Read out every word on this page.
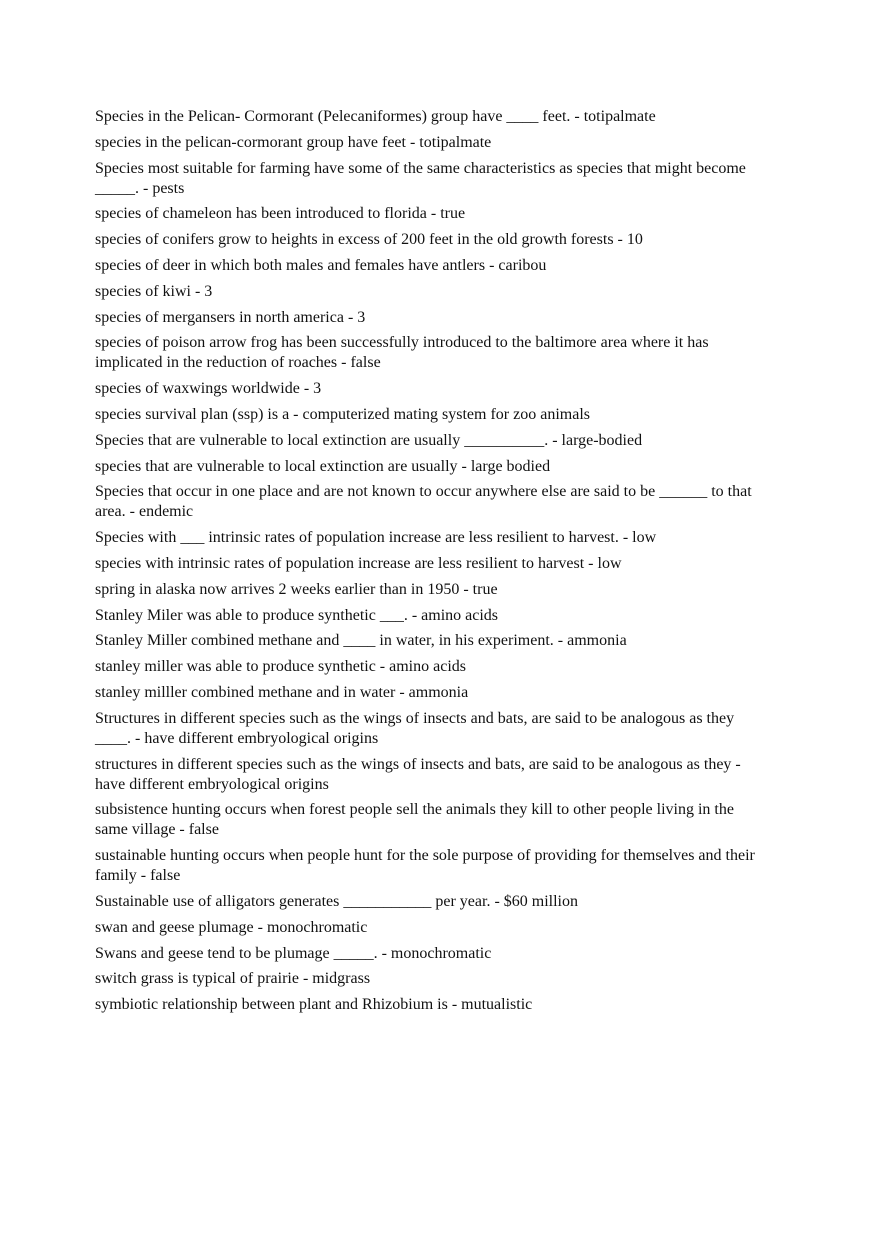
Species in the Pelican- Cormorant (Pelecaniformes) group have ____ feet. - totipalmate
species in the pelican-cormorant group have feet - totipalmate
Species most suitable for farming have some of the same characteristics as species that might become _____. - pests
species of chameleon has been introduced to florida - true
species of conifers grow to heights in excess of 200 feet in the old growth forests - 10
species of deer in which both males and females have antlers - caribou
species of kiwi - 3
species of mergansers in north america - 3
species of poison arrow frog has been successfully introduced to the baltimore area where it has implicated in the reduction of roaches - false
species of waxwings worldwide - 3
species survival plan (ssp) is a - computerized mating system for zoo animals
Species that are vulnerable to local extinction are usually __________. - large-bodied
species that are vulnerable to local extinction are usually - large bodied
Species that occur in one place and are not known to occur anywhere else are said to be ______ to that area. - endemic
Species with ___ intrinsic rates of population increase are less resilient to harvest. - low
species with intrinsic rates of population increase are less resilient to harvest - low
spring in alaska now arrives 2 weeks earlier than in 1950 - true
Stanley Miler was able to produce synthetic ___. - amino acids
Stanley Miller combined methane and ____ in water, in his experiment. - ammonia
stanley miller was able to produce synthetic - amino acids
stanley milller combined methane and in water - ammonia
Structures in different species such as the wings of insects and bats, are said to be analogous as they ____. - have different embryological origins
structures in different species such as the wings of insects and bats, are said to be analogous as they - have different embryological origins
subsistence hunting occurs when forest people sell the animals they kill to other people living in the same village - false
sustainable hunting occurs when people hunt for the sole purpose of providing for themselves and their family - false
Sustainable use of alligators generates ___________ per year. - $60 million
swan and geese plumage - monochromatic
Swans and geese tend to be plumage _____. - monochromatic
switch grass is typical of prairie - midgrass
symbiotic relationship between plant and Rhizobium is - mutualistic
